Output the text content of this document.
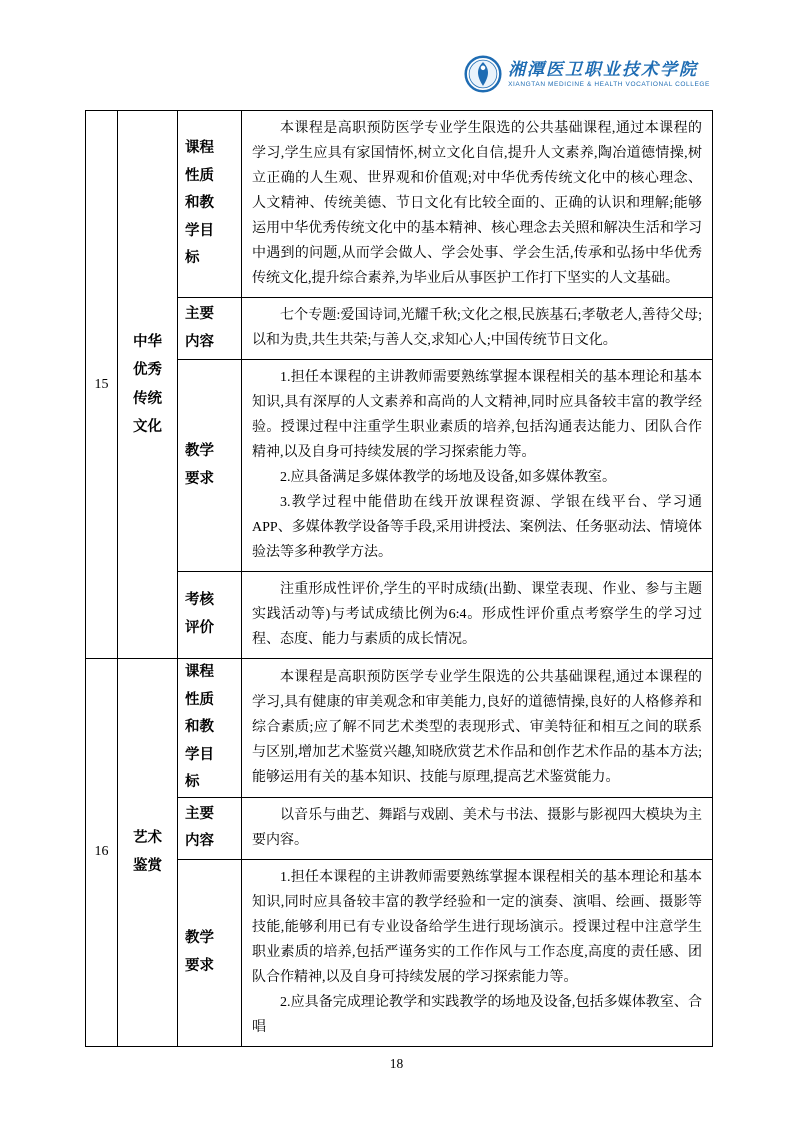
湘潭医卫职业技术学院
XIANGTAN MEDICINE & HEALTH VOCATIONAL COLLEGE
15	中华优秀传统文化	课程性质和教学目标	本课程是高职预防医学专业学生限选的公共基础课程,通过本课程的学习,学生应具有家国情怀,树立文化自信,提升人文素养,陶冶道德情操,树立正确的人生观、世界观和价值观;对中华优秀传统文化中的核心理念、人文精神、传统美德、节日文化有比较全面的、正确的认识和理解;能够运用中华优秀传统文化中的基本精神、核心理念去关照和解决生活和学习中遇到的问题,从而学会做人、学会处事、学会生活,传承和弘扬中华优秀传统文化,提升综合素养,为毕业后从事医护工作打下坚实的人文基础。

		主要内容	七个专题:爱国诗词,光耀千秋;文化之根,民族基石;孝敬老人,善待父母;以和为贵,共生共荣;与善人交,求知心人;中国传统节日文化。

		教学要求	1.担任本课程的主讲教师需要熟练掌握本课程相关的基本理论和基本知识,具有深厚的人文素养和高尚的人文精神,同时应具备较丰富的教学经验。授课过程中注重学生职业素质的培养,包括沟通表达能力、团队合作精神,以及自身可持续发展的学习探索能力等。

2.应具备满足多媒体教学的场地及设备,如多媒体教室。

3.教学过程中能借助在线开放课程资源、学银在线平台、学习通APP、多媒体教学设备等手段,采用讲授法、案例法、任务驱动法、情境体验法等多种教学方法。

		考核评价	注重形成性评价,学生的平时成绩(出勤、课堂表现、作业、参与主题实践活动等)与考试成绩比例为6:4。形成性评价重点考察学生的学习过程、态度、能力与素质的成长情况。

16	艺术鉴赏	课程性质和教学目标	本课程是高职预防医学专业学生限选的公共基础课程,通过本课程的学习,具有健康的审美观念和审美能力,良好的道德情操,良好的人格修养和综合素质;应了解不同艺术类型的表现形式、审美特征和相互之间的联系与区别,增加艺术鉴赏兴趣,知晓欣赏艺术作品和创作艺术作品的基本方法;能够运用有关的基本知识、技能与原理,提高艺术鉴赏能力。

		主要内容	以音乐与曲艺、舞蹈与戏剧、美术与书法、摄影与影视四大模块为主要内容。

		教学要求	1.担任本课程的主讲教师需要熟练掌握本课程相关的基本理论和基本知识,同时应具备较丰富的教学经验和一定的演奏、演唱、绘画、摄影等技能,能够利用已有专业设备给学生进行现场演示。授课过程中注意学生职业素质的培养,包括严谨务实的工作作风与工作态度,高度的责任感、团队合作精神,以及自身可持续发展的学习探索能力等。

2.应具备完成理论教学和实践教学的场地及设备,包括多媒体教室、合唱

18
